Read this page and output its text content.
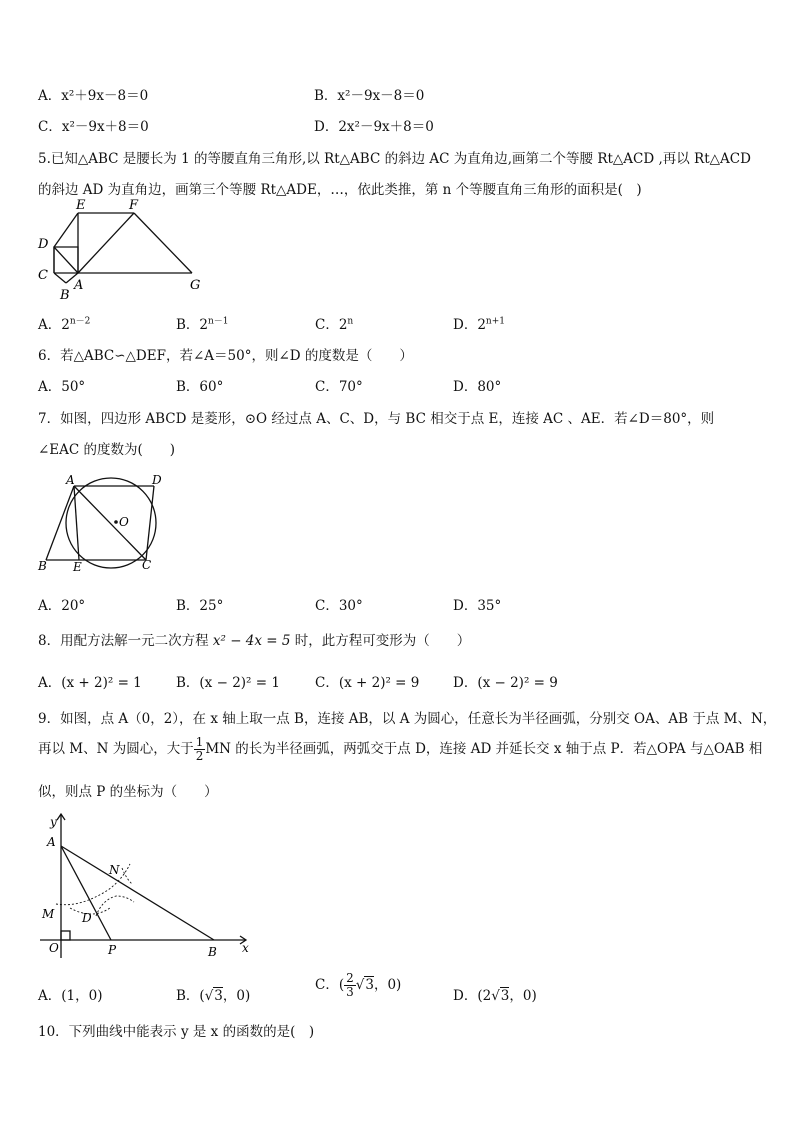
A．x²＋9x－8＝0	B．x²－9x－8＝0
C．x²－9x＋8＝0	D．2x²－9x＋8＝0
5.已知△ABC 是腰长为 1 的等腰直角三角形,以 Rt△ABC 的斜边 AC 为直角边,画第二个等腰 Rt△ACD ,再以 Rt△ACD
的斜边 AD 为直角边，画第三个等腰 Rt△ADE，…，依此类推，第 n 个等腰直角三角形的面积是(　)
E	F
D
C
A
B
G
A．$2^{n-2}$	B．$2^{n-1}$	C．2$^n$	D．$2^{n+1}$
6．若△ABC∽△DEF，若∠A＝50°，则∠D 的度数是（　　）
A．50°	B．60°	C．70°	D．80°
7．如图，四边形 ABCD 是菱形，⊙O 经过点 A、C、D，与 BC 相交于点 E，连接 AC 、AE．若∠D＝80°，则
∠EAC 的度数为(　　)
A	D
O
B E	C
A．20°	B．25°	C．30°	D．35°
8．用配方法解一元二次方程 x² − 4x = 5 时，此方程可变形为（　　）
A．(x + 2)² = 1	B．(x − 2)² = 1	C．(x + 2)² = 9 D．(x − 2)² = 9
9．如图，点 A（0，2），在 x 轴上取一点 B，连接 AB，以 A 为圆心，任意长为半径画弧，分别交 OA、AB 于点 M、N，
再以 M、N 为圆心，大于 $\frac{1}{2}$ MN 的长为半径画弧，两弧交于点 D，连接 AD 并延长交 x 轴于点 P．若△OPA 与△OAB 相
似，则点 P 的坐标为（　　）
y
A
N
M D
O	P	B x
A．(1，0)	B．(√3，0)
C．( $\frac{2}{3} √3$，0)
D．(2√3，0)
10．下列曲线中能表示 y 是 x 的函数的是(　)
